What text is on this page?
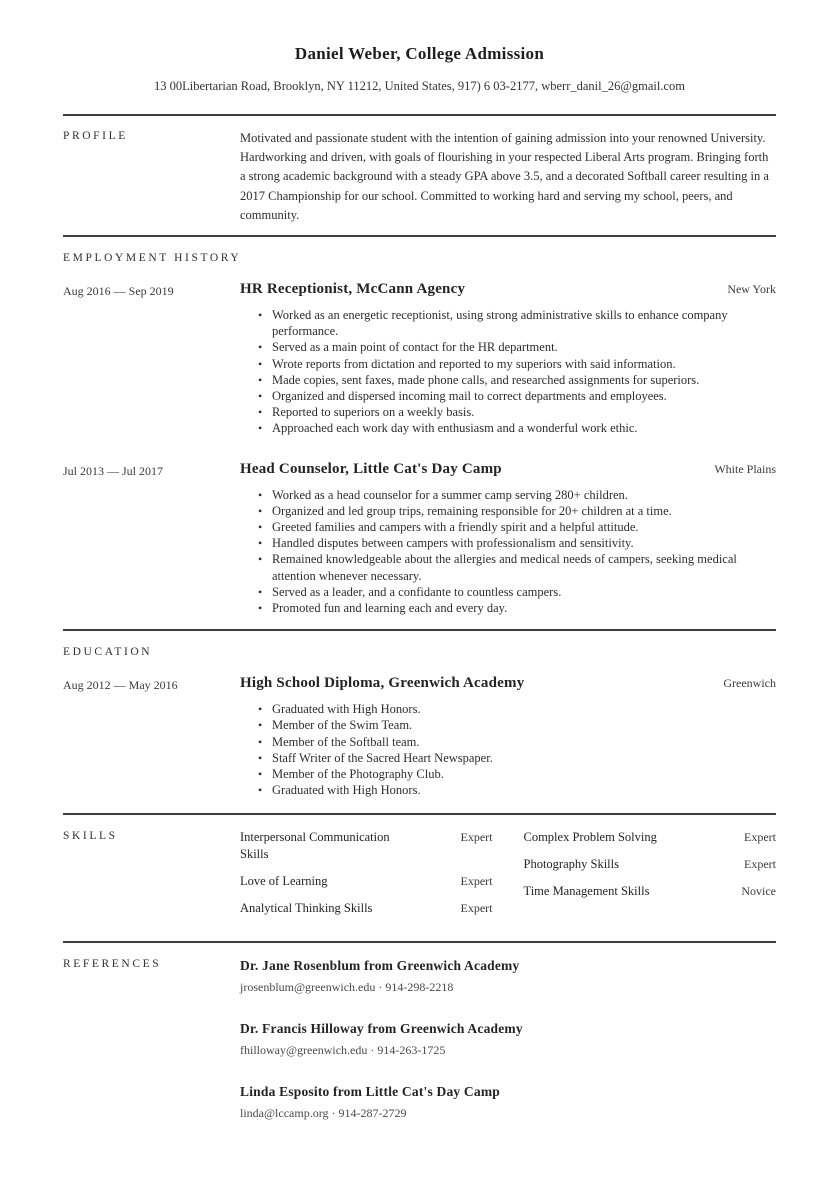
Daniel Weber, College Admission
13 00Libertarian Road, Brooklyn, NY 11212, United States, 917) 6 03-2177, wberr_danil_26@gmail.com
PROFILE	Motivated and passionate student with the intention of gaining admission into your renowned University. Hardworking and driven, with goals of flourishing in your respected Liberal Arts program. Bringing forth a strong academic background with a steady GPA above 3.5, and a decorated Softball career resulting in a 2017 Championship for our school. Committed to working hard and serving my school, peers, and community.
EMPLOYMENT HISTORY
Aug 2016 — Sep 2019	HR Receptionist, McCann Agency	New York
• Worked as an energetic receptionist, using strong administrative skills to enhance company performance.
• Served as a main point of contact for the HR department.
• Wrote reports from dictation and reported to my superiors with said information.
• Made copies, sent faxes, made phone calls, and researched assignments for superiors.
• Organized and dispersed incoming mail to correct departments and employees.
• Reported to superiors on a weekly basis.
• Approached each work day with enthusiasm and a wonderful work ethic.
Jul 2013 — Jul 2017	Head Counselor, Little Cat's Day Camp	White Plains
• Worked as a head counselor for a summer camp serving 280+ children.
• Organized and led group trips, remaining responsible for 20+ children at a time.
• Greeted families and campers with a friendly spirit and a helpful attitude.
• Handled disputes between campers with professionalism and sensitivity.
• Remained knowledgeable about the allergies and medical needs of campers, seeking medical attention whenever necessary.
• Served as a leader, and a confidante to countless campers.
• Promoted fun and learning each and every day.
EDUCATION
Aug 2012 — May 2016	High School Diploma, Greenwich Academy	Greenwich
• Graduated with High Honors.
• Member of the Swim Team.
• Member of the Softball team.
• Staff Writer of the Sacred Heart Newspaper.
• Member of the Photography Club.
• Graduated with High Honors.
SKILLS	Interpersonal Communication Skills
Expert
Love of Learning	Expert
Analytical Thinking Skills	Expert
Complex Problem Solving	Expert
Photography Skills	Expert
Time Management Skills	Novice
REFERENCES	Dr. Jane Rosenblum from Greenwich Academy
jrosenblum@greenwich.edu · 914-298-2218
Dr. Francis Hilloway from Greenwich Academy
fhilloway@greenwich.edu · 914-263-1725
Linda Esposito from Little Cat's Day Camp
linda@lccamp.org · 914-287-2729
